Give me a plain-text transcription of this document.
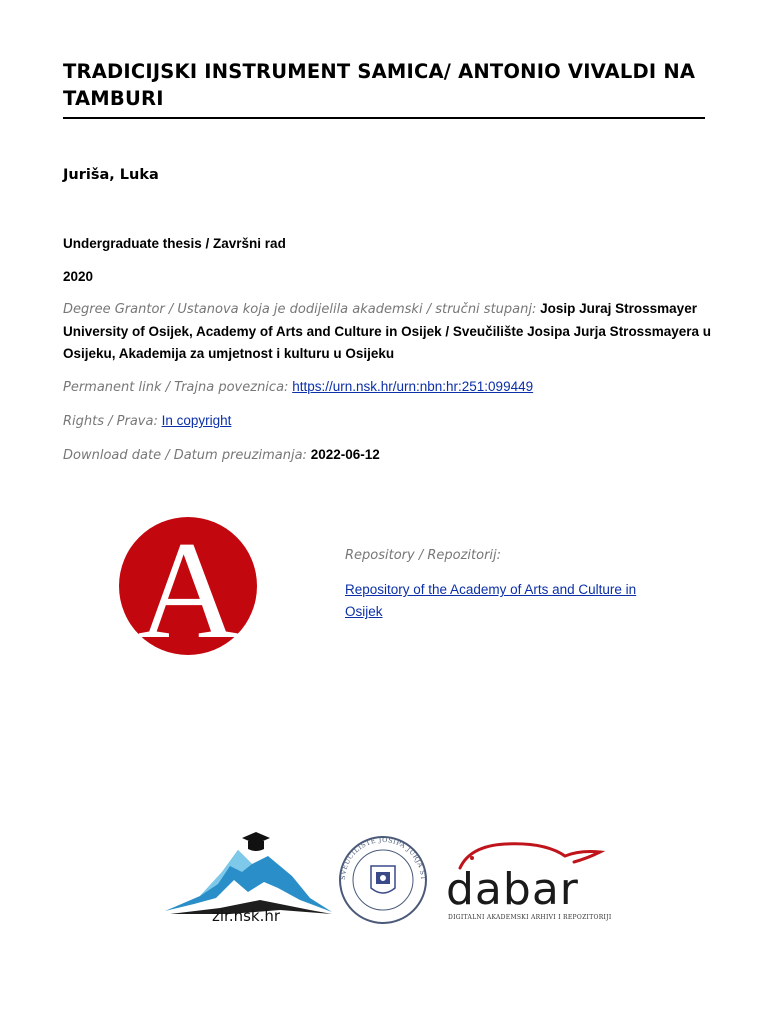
TRADICIJSKI INSTRUMENT SAMICA/ ANTONIO VIVALDI NA TAMBURI
Juriša, Luka
Undergraduate thesis / Završni rad
2020
Degree Grantor / Ustanova koja je dodijelila akademski / stručni stupanj: Josip Juraj Strossmayer University of Osijek, Academy of Arts and Culture in Osijek / Sveučilište Josipa Jurja Strossmayera u Osijeku, Akademija za umjetnost i kulturu u Osijeku
Permanent link / Trajna poveznica: https://urn.nsk.hr/urn:nbn:hr:251:099449
Rights / Prava: In copyright
Download date / Datum preuzimanja: 2022-06-12
A	Repository / Repozitorij:
Repository of the Academy of Arts and Culture in Osijek
SVEUČILIŠTE JOSIPA JURJA ST
zir.nsk.hr
dabar
DIGITALNI AKADEMSKI ARHIVI I REPOZITORIJI
